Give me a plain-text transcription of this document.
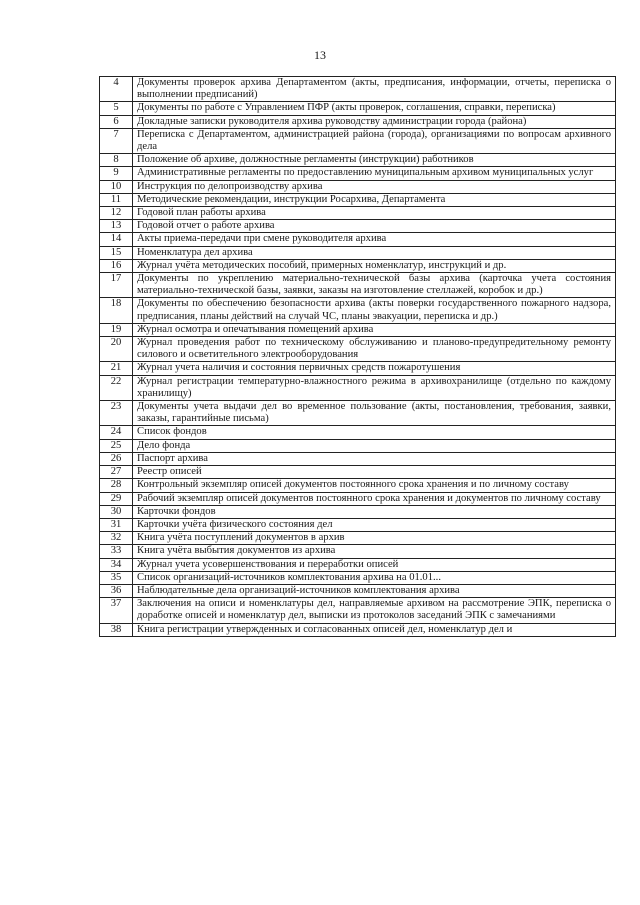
13
4	Документы проверок архива Департаментом (акты, предписания, информации, отчеты, переписка о выполнении предписаний)
5	Документы по работе с Управлением ПФР (акты проверок, соглашения, справки, переписка)
6	Докладные записки руководителя архива руководству администрации города (района)
7	Переписка с Департаментом, администрацией района (города), организациями по вопросам архивного дела
8	Положение об архиве, должностные регламенты (инструкции) работников
9	Административные регламенты по предоставлению муниципальным архивом муниципальных услуг
10	Инструкция по делопроизводству архива
11	Методические рекомендации, инструкции Росархива, Департамента
12	Годовой план работы архива
13	Годовой отчет о работе архива
14	Акты приема-передачи при смене руководителя архива
15	Номенклатура дел архива
16	Журнал учёта методических пособий, примерных номенклатур, инструкций и др.
17	Документы по укреплению материально-технической базы архива (карточка учета состояния материально-технической базы, заявки, заказы на изготовление стеллажей, коробок и др.)
18	Документы по обеспечению безопасности архива (акты поверки государственного пожарного надзора, предписания, планы действий на случай ЧС, планы эвакуации, переписка и др.)
19	Журнал осмотра и опечатывания помещений архива
20	Журнал проведения работ по техническому обслуживанию и планово-предупредительному ремонту силового и осветительного электрооборудования
21	Журнал учета наличия и состояния первичных средств пожаротушения
22	Журнал регистрации температурно-влажностного режима в архивохранилище (отдельно по каждому хранилищу)
23	Документы учета выдачи дел во временное пользование (акты, постановления, требования, заявки, заказы, гарантийные письма)
24	Список фондов
25	Дело фонда
26	Паспорт архива
27	Реестр описей
28	Контрольный экземпляр описей документов постоянного срока хранения и по личному составу
29	Рабочий экземпляр описей документов постоянного срока хранения и документов по личному составу
30	Карточки фондов
31	Карточки учёта физического состояния дел
32	Книга учёта поступлений документов в архив
33	Книга учёта выбытия документов из архива
34	Журнал учета усовершенствования и переработки описей
35	Список организаций-источников комплектования архива на 01.01...
36	Наблюдательные дела организаций-источников комплектования архива
37	Заключения на описи и номенклатуры дел, направляемые архивом на рассмотрение ЭПК, переписка о доработке описей и номенклатур дел, выписки из протоколов заседаний ЭПК с замечаниями
38	Книга регистрации утвержденных и согласованных описей дел, номенклатур дел и
